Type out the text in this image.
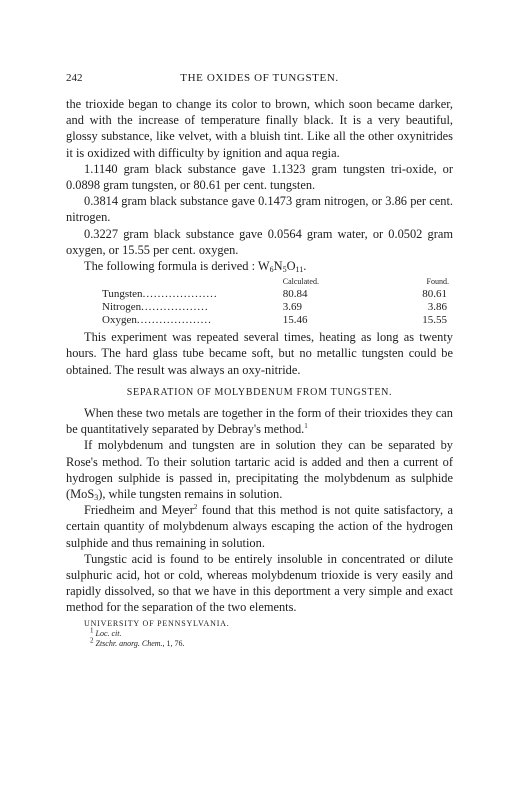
242	THE OXIDES OF TUNGSTEN.

the trioxide began to change its color to brown, which soon became darker, and with the increase of temperature finally black. It is a very beautiful, glossy substance, like velvet, with a bluish tint. Like all the other oxynitrides it is oxidized with difficulty by ignition and aqua regia.

1.1140 gram black substance gave 1.1323 gram tungsten tri-oxide, or 0.0898 gram tungsten, or 80.61 per cent. tungsten.

0.3814 gram black substance gave 0.1473 gram nitrogen, or 3.86 per cent. nitrogen.

0.3227 gram black substance gave 0.0564 gram water, or 0.0502 gram oxygen, or 15.55 per cent. oxygen.

The following formula is derived : $W_6N_5O_{11}$.

	Calculated.	Found.
Tungsten....................	80.84	80.61
Nitrogen..................	3.69	3.86
Oxygen....................	15.46	15.55

This experiment was repeated several times, heating as long as twenty hours. The hard glass tube became soft, but no metallic tungsten could be obtained. The result was always an oxy-nitride.

SEPARATION OF MOLYBDENUM FROM TUNGSTEN.

When these two metals are together in the form of their trioxides they can be quantitatively separated by Debray's method.$^1$

If molybdenum and tungsten are in solution they can be separated by Rose's method. To their solution tartaric acid is added and then a current of hydrogen sulphide is passed in, precipitating the molybdenum as sulphide (MoS$_3$), while tungsten remains in solution.

Friedheim and Meyer$^2$ found that this method is not quite satisfactory, a certain quantity of molybdenum always escaping the action of the hydrogen sulphide and thus remaining in solution.

Tungstic acid is found to be entirely insoluble in concentrated or dilute sulphuric acid, hot or cold, whereas molybdenum trioxide is very easily and rapidly dissolved, so that we have in this deportment a very simple and exact method for the separation of the two elements.

UNIVERSITY OF PENNSYLVANIA.

$^1$ Loc. cit.

$^2$ Ztschr. anorg. Chem., 1, 76.
